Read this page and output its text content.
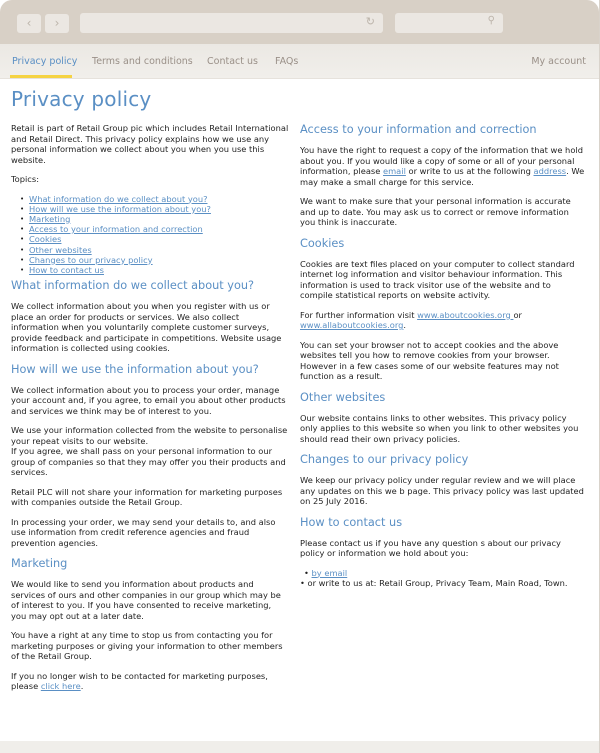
‹	›	↻	⚲
Privacy policy Terms and conditions Contact us FAQs	My account
Privacy policy

Retail is part of Retail Group pic which includes Retail International and Retail Direct. This privacy policy explains how we use any personal information we collect about you when you use this website.

Topics:

• What information do we collect about you?
• How will we use the information about you?
• Marketing
• Access to your information and correction
• Cookies
• Other websites
• Changes to our privacy policy
• How to contact us
What information do we collect about you?

We collect information about you when you register with us or place an order for products or services. We also collect information when you voluntarily complete customer surveys, provide feedback and participate in competitions. Website usage information is collected using cookies.

How will we use the information about you?

We collect information about you to process your order, manage your account and, if you agree, to email you about other products and services we think may be of interest to you.

We use your information collected from the website to personalise your repeat visits to our website.
If you agree, we shall pass on your personal information to our group of companies so that they may offer you their products and services.

Retail PLC will not share your information for marketing purposes with companies outside the Retail Group.

In processing your order, we may send your details to, and also use information from credit reference agencies and fraud prevention agencies.

Marketing

We would like to send you information about products and services of ours and other companies in our group which may be of interest to you. If you have consented to receive marketing, you may opt out at a later date.

You have a right at any time to stop us from contacting you for marketing purposes or giving your information to other members of the Retail Group.

If you no longer wish to be contacted for marketing purposes, please click here.

Access to your information and correction

You have the right to request a copy of the information that we hold about you. If you would like a copy of some or all of your personal information, please email or write to us at the following address. We may make a small charge for this service.

We want to make sure that your personal information is accurate and up to date. You may ask us to correct or remove information you think is inaccurate.

Cookies

Cookies are text files placed on your computer to collect standard internet log information and visitor behaviour information. This information is used to track visitor use of the website and to compile statistical reports on website activity.

For further information visit www.aboutcookies.org or www.allaboutcookies.org.

You can set your browser not to accept cookies and the above websites tell you how to remove cookies from your browser. However in a few cases some of our website features may not function as a result.

Other websites

Our website contains links to other websites. This privacy policy only applies to this website so when you link to other websites you should read their own privacy policies.

Changes to our privacy policy

We keep our privacy policy under regular review and we will place any updates on this we b page. This privacy policy was last updated on 25 July 2016.

How to contact us

Please contact us if you have any question s about our privacy policy or information we hold about you:

• by email
• or write to us at: Retail Group, Privacy Team, Main Road, Town.
